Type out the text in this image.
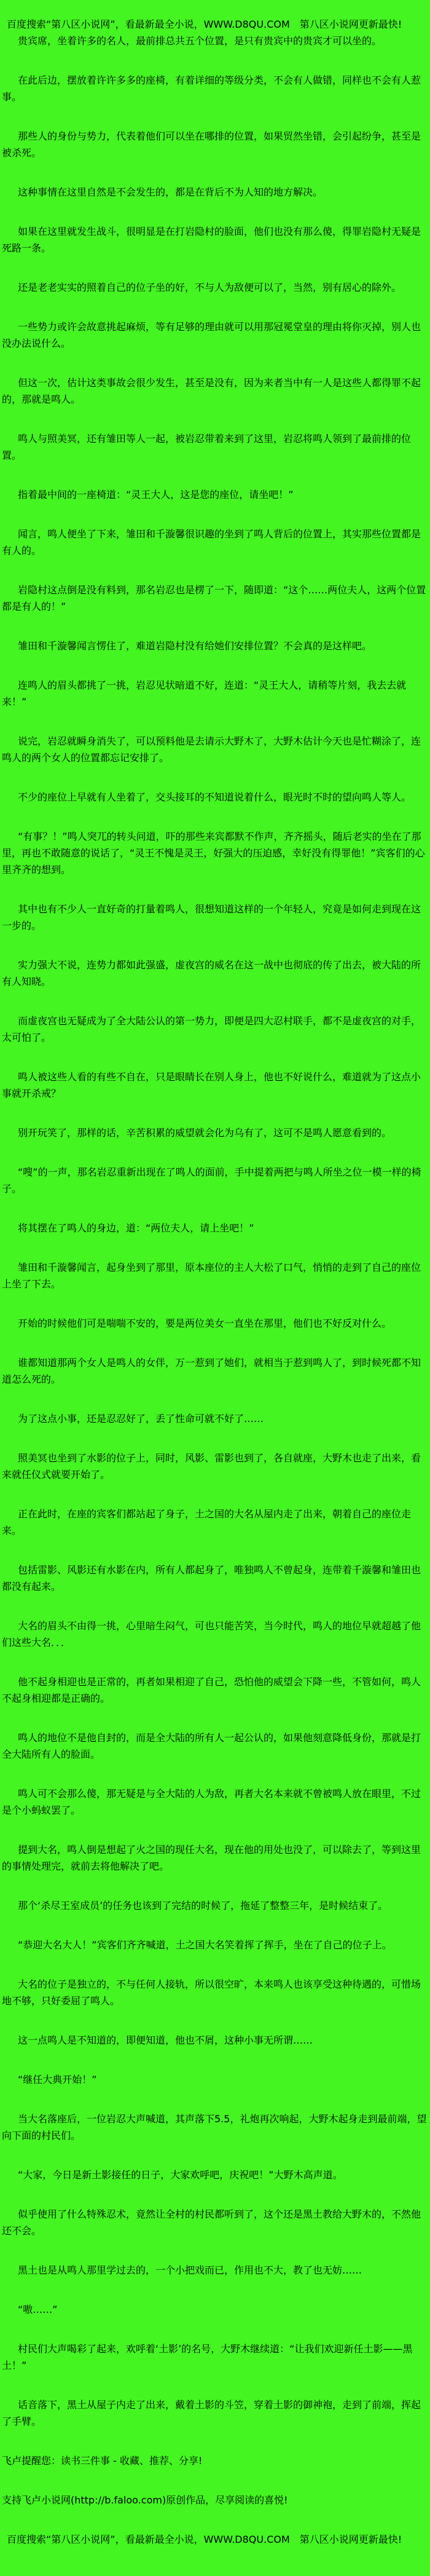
百度搜索“第八区小说网”，看最新最全小说，WWW.D8QU.COM　第八区小说网更新最快!

贵宾席，坐着许多的名人，最前排总共五个位置，是只有贵宾中的贵宾才可以坐的。

在此后边，摆放着许许多多的座椅，有着详细的等级分类，不会有人做错，同样也不会有人惹事。

那些人的身份与势力，代表着他们可以坐在哪排的位置，如果贸然坐错，会引起纷争，甚至是被杀死。

这种事情在这里自然是不会发生的，都是在背后不为人知的地方解决。

如果在这里就发生战斗，很明显是在打岩隐村的脸面，他们也没有那么傻，得罪岩隐村无疑是死路一条。

还是老老实实的照着自己的位子坐的好，不与人为敌便可以了，当然，别有居心的除外。

一些势力或许会故意挑起麻烦，等有足够的理由就可以用那冠冕堂皇的理由将你灭掉，别人也没办法说什么。

但这一次，估计这类事故会很少发生，甚至是没有，因为来者当中有一人是这些人都得罪不起的，那就是鸣人。

鸣人与照美冥，还有雏田等人一起，被岩忍带着来到了这里，岩忍将鸣人领到了最前排的位置。

指着最中间的一座椅道：“灵王大人，这是您的座位，请坐吧！”

闻言，鸣人便坐了下来，雏田和千漩馨很识趣的坐到了鸣人背后的位置上，其实那些位置都是有人的。

岩隐村这点倒是没有料到，那名岩忍也是楞了一下，随即道：“这个……两位夫人，这两个位置都是有人的！”

雏田和千漩馨闻言愣住了，难道岩隐村没有给她们安排位置？不会真的是这样吧。

连鸣人的眉头都挑了一挑，岩忍见状暗道不好，连道：“灵王大人，请稍等片刻，我去去就来！”

说完，岩忍就瞬身消失了，可以预料他是去请示大野木了，大野木估计今天也是忙糊涂了，连鸣人的两个女人的位置都忘记安排了。

不少的座位上早就有人坐着了，交头接耳的不知道说着什么，眼光时不时的望向鸣人等人。

“有事？！”鸣人突兀的转头问道，吓的那些来宾都默不作声，齐齐摇头，随后老实的坐在了那里，再也不敢随意的说话了，“灵王不愧是灵王，好强大的压迫感，幸好没有得罪他！”宾客们的心里齐齐的想到。

其中也有不少人一直好奇的打量着鸣人，很想知道这样的一个年轻人，究竟是如何走到现在这一步的。

实力强大不说，连势力都如此强盛，虚夜宫的威名在这一战中也彻底的传了出去，被大陆的所有人知晓。

而虚夜宫也无疑成为了全大陆公认的第一势力，即便是四大忍村联手，都不是虚夜宫的对手，太可怕了。

鸣人被这些人看的有些不自在，只是眼睛长在别人身上，他也不好说什么，难道就为了这点小事就开杀戒？

别开玩笑了，那样的话，辛苦积累的威望就会化为乌有了，这可不是鸣人愿意看到的。

“嗖”的一声，那名岩忍重新出现在了鸣人的面前，手中提着两把与鸣人所坐之位一模一样的椅子。

将其摆在了鸣人的身边，道：“两位夫人，请上坐吧！”

雏田和千漩馨闻言，起身坐到了那里，原本座位的主人大松了口气，悄悄的走到了自己的座位上坐了下去。

开始的时候他们可是喘喘不安的，要是两位美女一直坐在那里，他们也不好反对什么。

谁都知道那两个女人是鸣人的女伴，万一惹到了她们，就相当于惹到鸣人了，到时候死都不知道怎么死的。

为了这点小事，还是忍忍好了，丢了性命可就不好了……

照美冥也坐到了水影的位子上，同时，风影、雷影也到了，各自就座，大野木也走了出来，看来就任仪式就要开始了。

正在此时，在座的宾客们都站起了身子，土之国的大名从屋内走了出来，朝着自己的座位走来。

包括雷影、风影还有水影在内，所有人都起身了，唯独鸣人不曾起身，连带着千漩馨和雏田也都没有起来。

大名的眉头不由得一挑，心里暗生闷气，可也只能苦笑，当今时代，鸣人的地位早就超越了他们这些大名．．．

他不起身相迎也是正常的，再者如果相迎了自己，恐怕他的威望会下降一些，不管如何，鸣人不起身相迎都是正确的。

鸣人的地位不是他自封的，而是全大陆的所有人一起公认的，如果他刻意降低身份，那就是打全大陆所有人的脸面。

鸣人可不会那么傻，那无疑是与全大陆的人为敌，再者大名本来就不曾被鸣人放在眼里，不过是个小蚂蚁罢了。

提到大名，鸣人倒是想起了火之国的现任大名，现在他的用处也没了，可以除去了，等到这里的事情处理完，就前去将他解决了吧。

那个‘杀尽王室成员’的任务也该到了完结的时候了，拖延了整整三年，是时候结束了。

“恭迎大名大人！”宾客们齐齐喊道，土之国大名笑着挥了挥手，坐在了自己的位子上。

大名的位子是独立的，不与任何人接轨，所以很空旷，本来鸣人也该享受这种待遇的，可惜场地不够，只好委屈了鸣人。

这一点鸣人是不知道的，即便知道，他也不屑，这种小事无所谓……

“继任大典开始！”

当大名落座后，一位岩忍大声喊道，其声落下5.5，礼炮再次响起，大野木起身走到最前端，望向下面的村民们。

“大家，今日是新土影接任的日子，大家欢呼吧，庆祝吧！”大野木高声道。

似乎使用了什么特殊忍术，竟然让全村的村民都听到了，这个还是黑土教给大野木的，不然他还不会。

黑土也是从鸣人那里学过去的，一个小把戏而已，作用也不大，教了也无妨……

“嗷……”

村民们大声喝彩了起来，欢呼着‘土影’的名号，大野木继续道：“让我们欢迎新任土影——黑土！”

话音落下，黑土从屋子内走了出来，戴着土影的斗笠，穿着土影的御神袍，走到了前端，挥起了手臂。

飞卢提醒您：读书三件事 - 收藏、推荐、分享!

支持飞卢小说网(http://b.faloo.com)原创作品，尽享阅读的喜悦!

百度搜索“第八区小说网”，看最新最全小说，WWW.D8QU.COM　第八区小说网更新最快!
